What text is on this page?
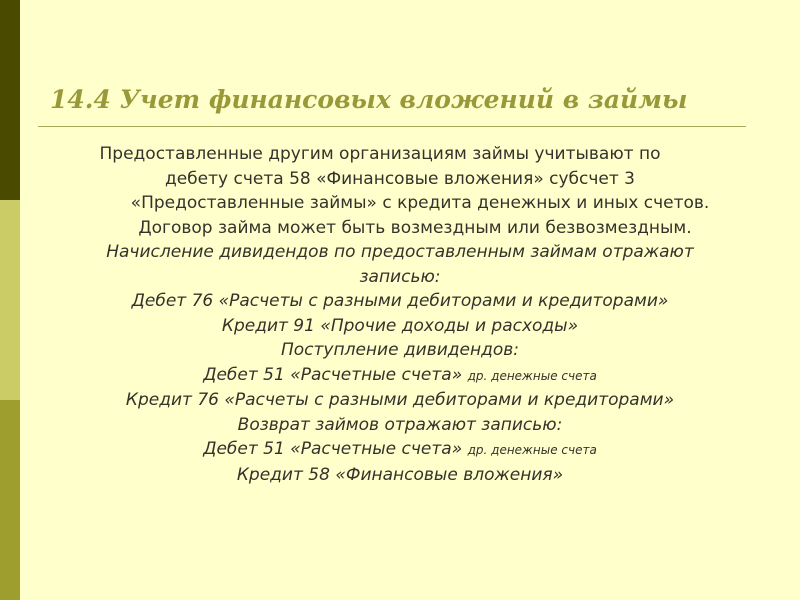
14.4 Учет финансовых вложений в займы
Предоставленные другим организациям займы учитывают по
дебету счета 58 «Финансовые вложения» субсчет 3
«Предоставленные займы» с кредита денежных и иных счетов.
Договор займа может быть возмездным или безвозмездным.
Начисление дивидендов по предоставленным займам отражают
записью:
Дебет 76 «Расчеты с разными дебиторами и кредиторами»
Кредит 91 «Прочие доходы и расходы»
Поступление дивидендов:
Дебет 51 «Расчетные счета» др. денежные счета
Кредит 76 «Расчеты с разными дебиторами и кредиторами»
Возврат займов отражают записью:
Дебет 51 «Расчетные счета» др. денежные счета
Кредит 58 «Финансовые вложения»
